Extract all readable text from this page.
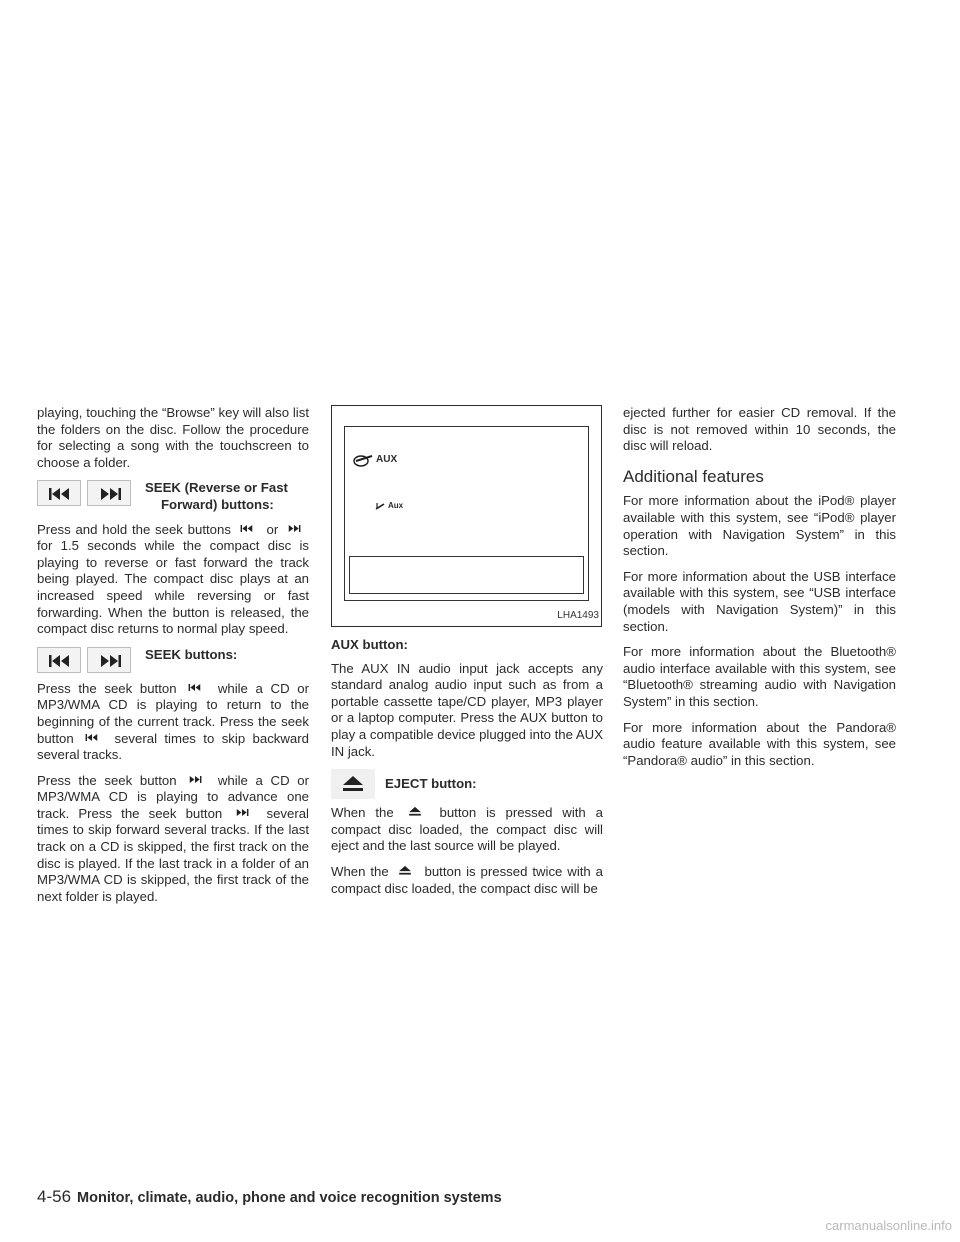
playing, touching the “Browse” key will also list the folders on the disc. Follow the procedure for selecting a song with the touchscreen to choose a folder.

SEEK (Reverse or Fast
Forward) buttons:

Press and hold the seek buttons	or
for 1.5 seconds while the compact disc is playing to reverse or fast forward the track being played. The compact disc plays at an increased speed while reversing or fast forwarding. When the button is released, the compact disc returns to normal play speed.

SEEK buttons:

Press the seek button	while a CD or MP3/WMA CD is playing to return to the beginning of the current track. Press the seek button	several times to skip backward several tracks.

Press the seek button	while a CD or MP3/WMA CD is playing to advance one track. Press the seek button	several times to skip forward several tracks. If the last track on a CD is skipped, the first track on the disc is played. If the last track in a folder of an MP3/WMA CD is skipped, the first track of the next folder is played.

AUX
Aux
LHA1493
AUX button:

The AUX IN audio input jack accepts any standard analog audio input such as from a portable cassette tape/CD player, MP3 player or a laptop computer. Press the AUX button to play a compatible device plugged into the AUX IN jack.

EJECT button:

When the	button is pressed with a compact disc loaded, the compact disc will eject and the last source will be played.

When the	button is pressed twice with a compact disc loaded, the compact disc will be

ejected further for easier CD removal. If the disc is not removed within 10 seconds, the disc will reload.

Additional features

For more information about the iPod® player available with this system, see “iPod® player operation with Navigation System” in this section.

For more information about the USB interface available with this system, see “USB interface (models with Navigation System)” in this section.

For more information about the Bluetooth® audio interface available with this system, see “Bluetooth® streaming audio with Navigation System” in this section.

For more information about the Pandora® audio feature available with this system, see “Pandora® audio” in this section.

4-56 Monitor, climate, audio, phone and voice recognition systems
carmanualsonline.info
